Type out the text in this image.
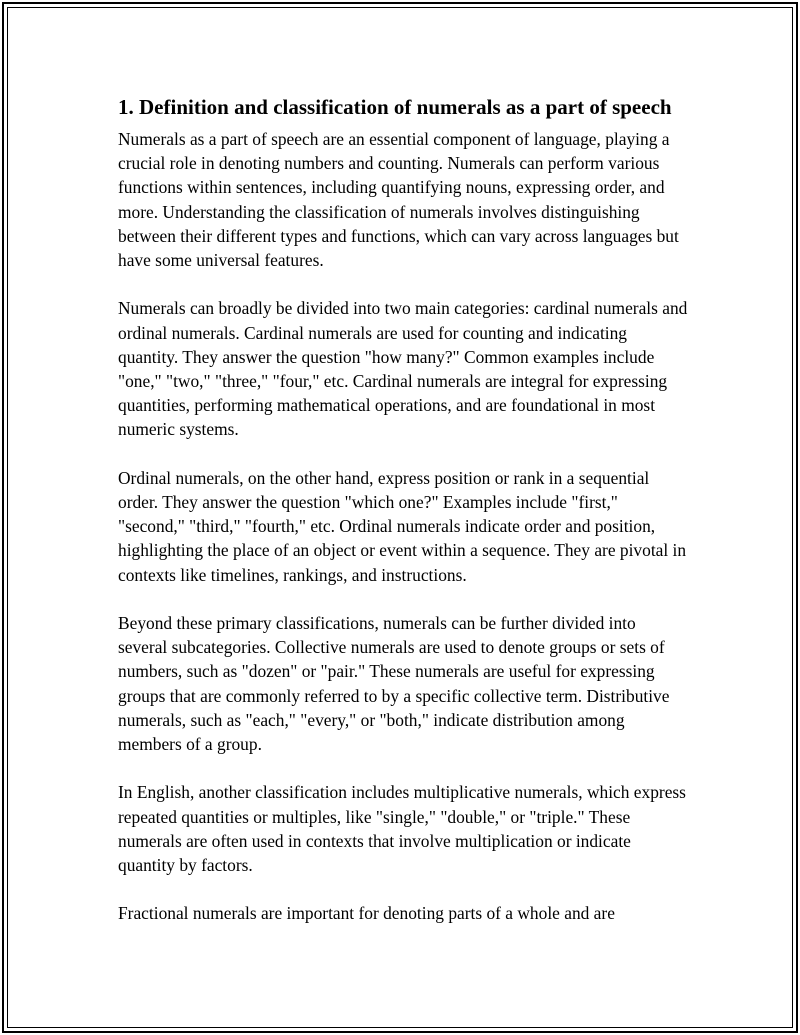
1. Definition and classification of numerals as a part of speech

Numerals as a part of speech are an essential component of language, playing a crucial role in denoting numbers and counting. Numerals can perform various functions within sentences, including quantifying nouns, expressing order, and more. Understanding the classification of numerals involves distinguishing between their different types and functions, which can vary across languages but have some universal features.

Numerals can broadly be divided into two main categories: cardinal numerals and ordinal numerals. Cardinal numerals are used for counting and indicating quantity. They answer the question "how many?" Common examples include "one," "two," "three," "four," etc. Cardinal numerals are integral for expressing quantities, performing mathematical operations, and are foundational in most numeric systems.

Ordinal numerals, on the other hand, express position or rank in a sequential order. They answer the question "which one?" Examples include "first," "second," "third," "fourth," etc. Ordinal numerals indicate order and position, highlighting the place of an object or event within a sequence. They are pivotal in contexts like timelines, rankings, and instructions.

Beyond these primary classifications, numerals can be further divided into several subcategories. Collective numerals are used to denote groups or sets of numbers, such as "dozen" or "pair." These numerals are useful for expressing groups that are commonly referred to by a specific collective term. Distributive numerals, such as "each," "every," or "both," indicate distribution among members of a group.

In English, another classification includes multiplicative numerals, which express repeated quantities or multiples, like "single," "double," or "triple." These numerals are often used in contexts that involve multiplication or indicate quantity by factors.

Fractional numerals are important for denoting parts of a whole and are
